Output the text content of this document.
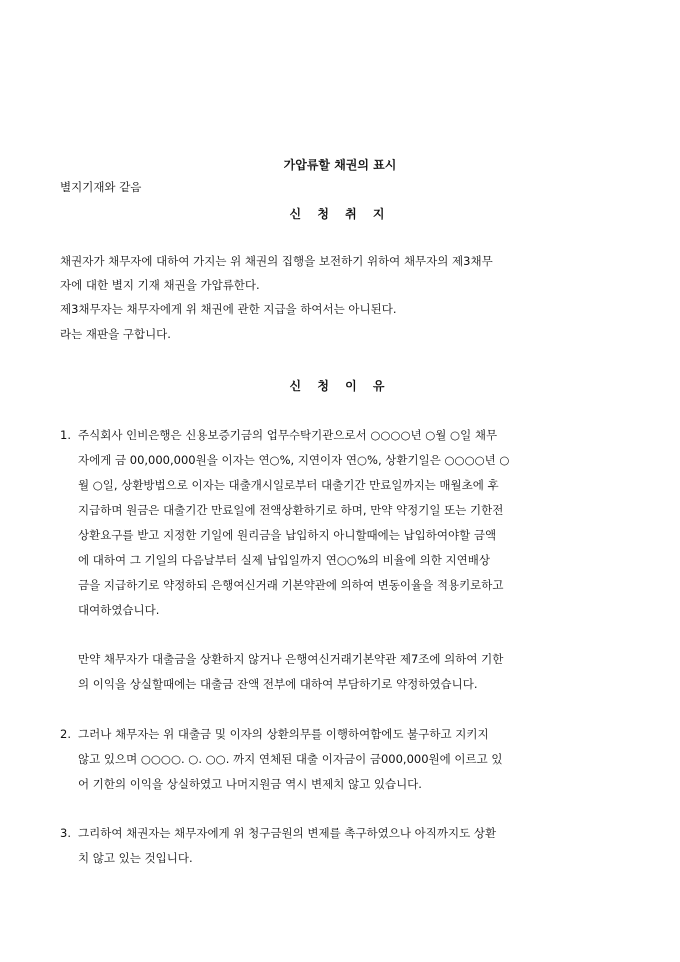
가압류할 채권의 표시
별지기재와 같음
신 청 취 지
채권자가 채무자에 대하여 가지는 위 채권의 집행을 보전하기 위하여 채무자의 제3채무
자에 대한 별지 기재 채권을 가압류한다.
제3채무자는 채무자에게 위 채권에 관한 지급을 하여서는 아니된다.
라는 재판을 구합니다.
신 청 이 유
1. 주식회사 인비은행은 신용보증기금의 업무수탁기관으로서 ○○○○년 ○월 ○일 채무
자에게 금 00,000,000원을 이자는 연○%, 지연이자 연○%, 상환기일은 ○○○○년 ○
월 ○일, 상환방법으로 이자는 대출개시일로부터 대출기간 만료일까지는 매월초에 후
지급하며 원금은 대출기간 만료일에 전액상환하기로 하며, 만약 약정기일 또는 기한전
상환요구를 받고 지정한 기일에 원리금을 납입하지 아니할때에는 납입하여야할 금액
에 대하여 그 기일의 다음날부터 실제 납입일까지 연○○%의 비율에 의한 지연배상
금을 지급하기로 약정하되 은행여신거래 기본약관에 의하여 변동이율을 적용키로하고
대여하였습니다.
만약 채무자가 대출금을 상환하지 않거나 은행여신거래기본약관 제7조에 의하여 기한
의 이익을 상실할때에는 대출금 잔액 전부에 대하여 부담하기로 약정하였습니다.
2. 그러나 채무자는 위 대출금 및 이자의 상환의무를 이행하여함에도 불구하고 지키지
않고 있으며 ○○○○. ○. ○○. 까지 연체된 대출 이자금이 금000,000원에 이르고 있
어 기한의 이익을 상실하였고 나머지원금 역시 변제치 않고 있습니다.
3. 그리하여 채권자는 채무자에게 위 청구금원의 변제를 촉구하였으나 아직까지도 상환
치 않고 있는 것입니다.
